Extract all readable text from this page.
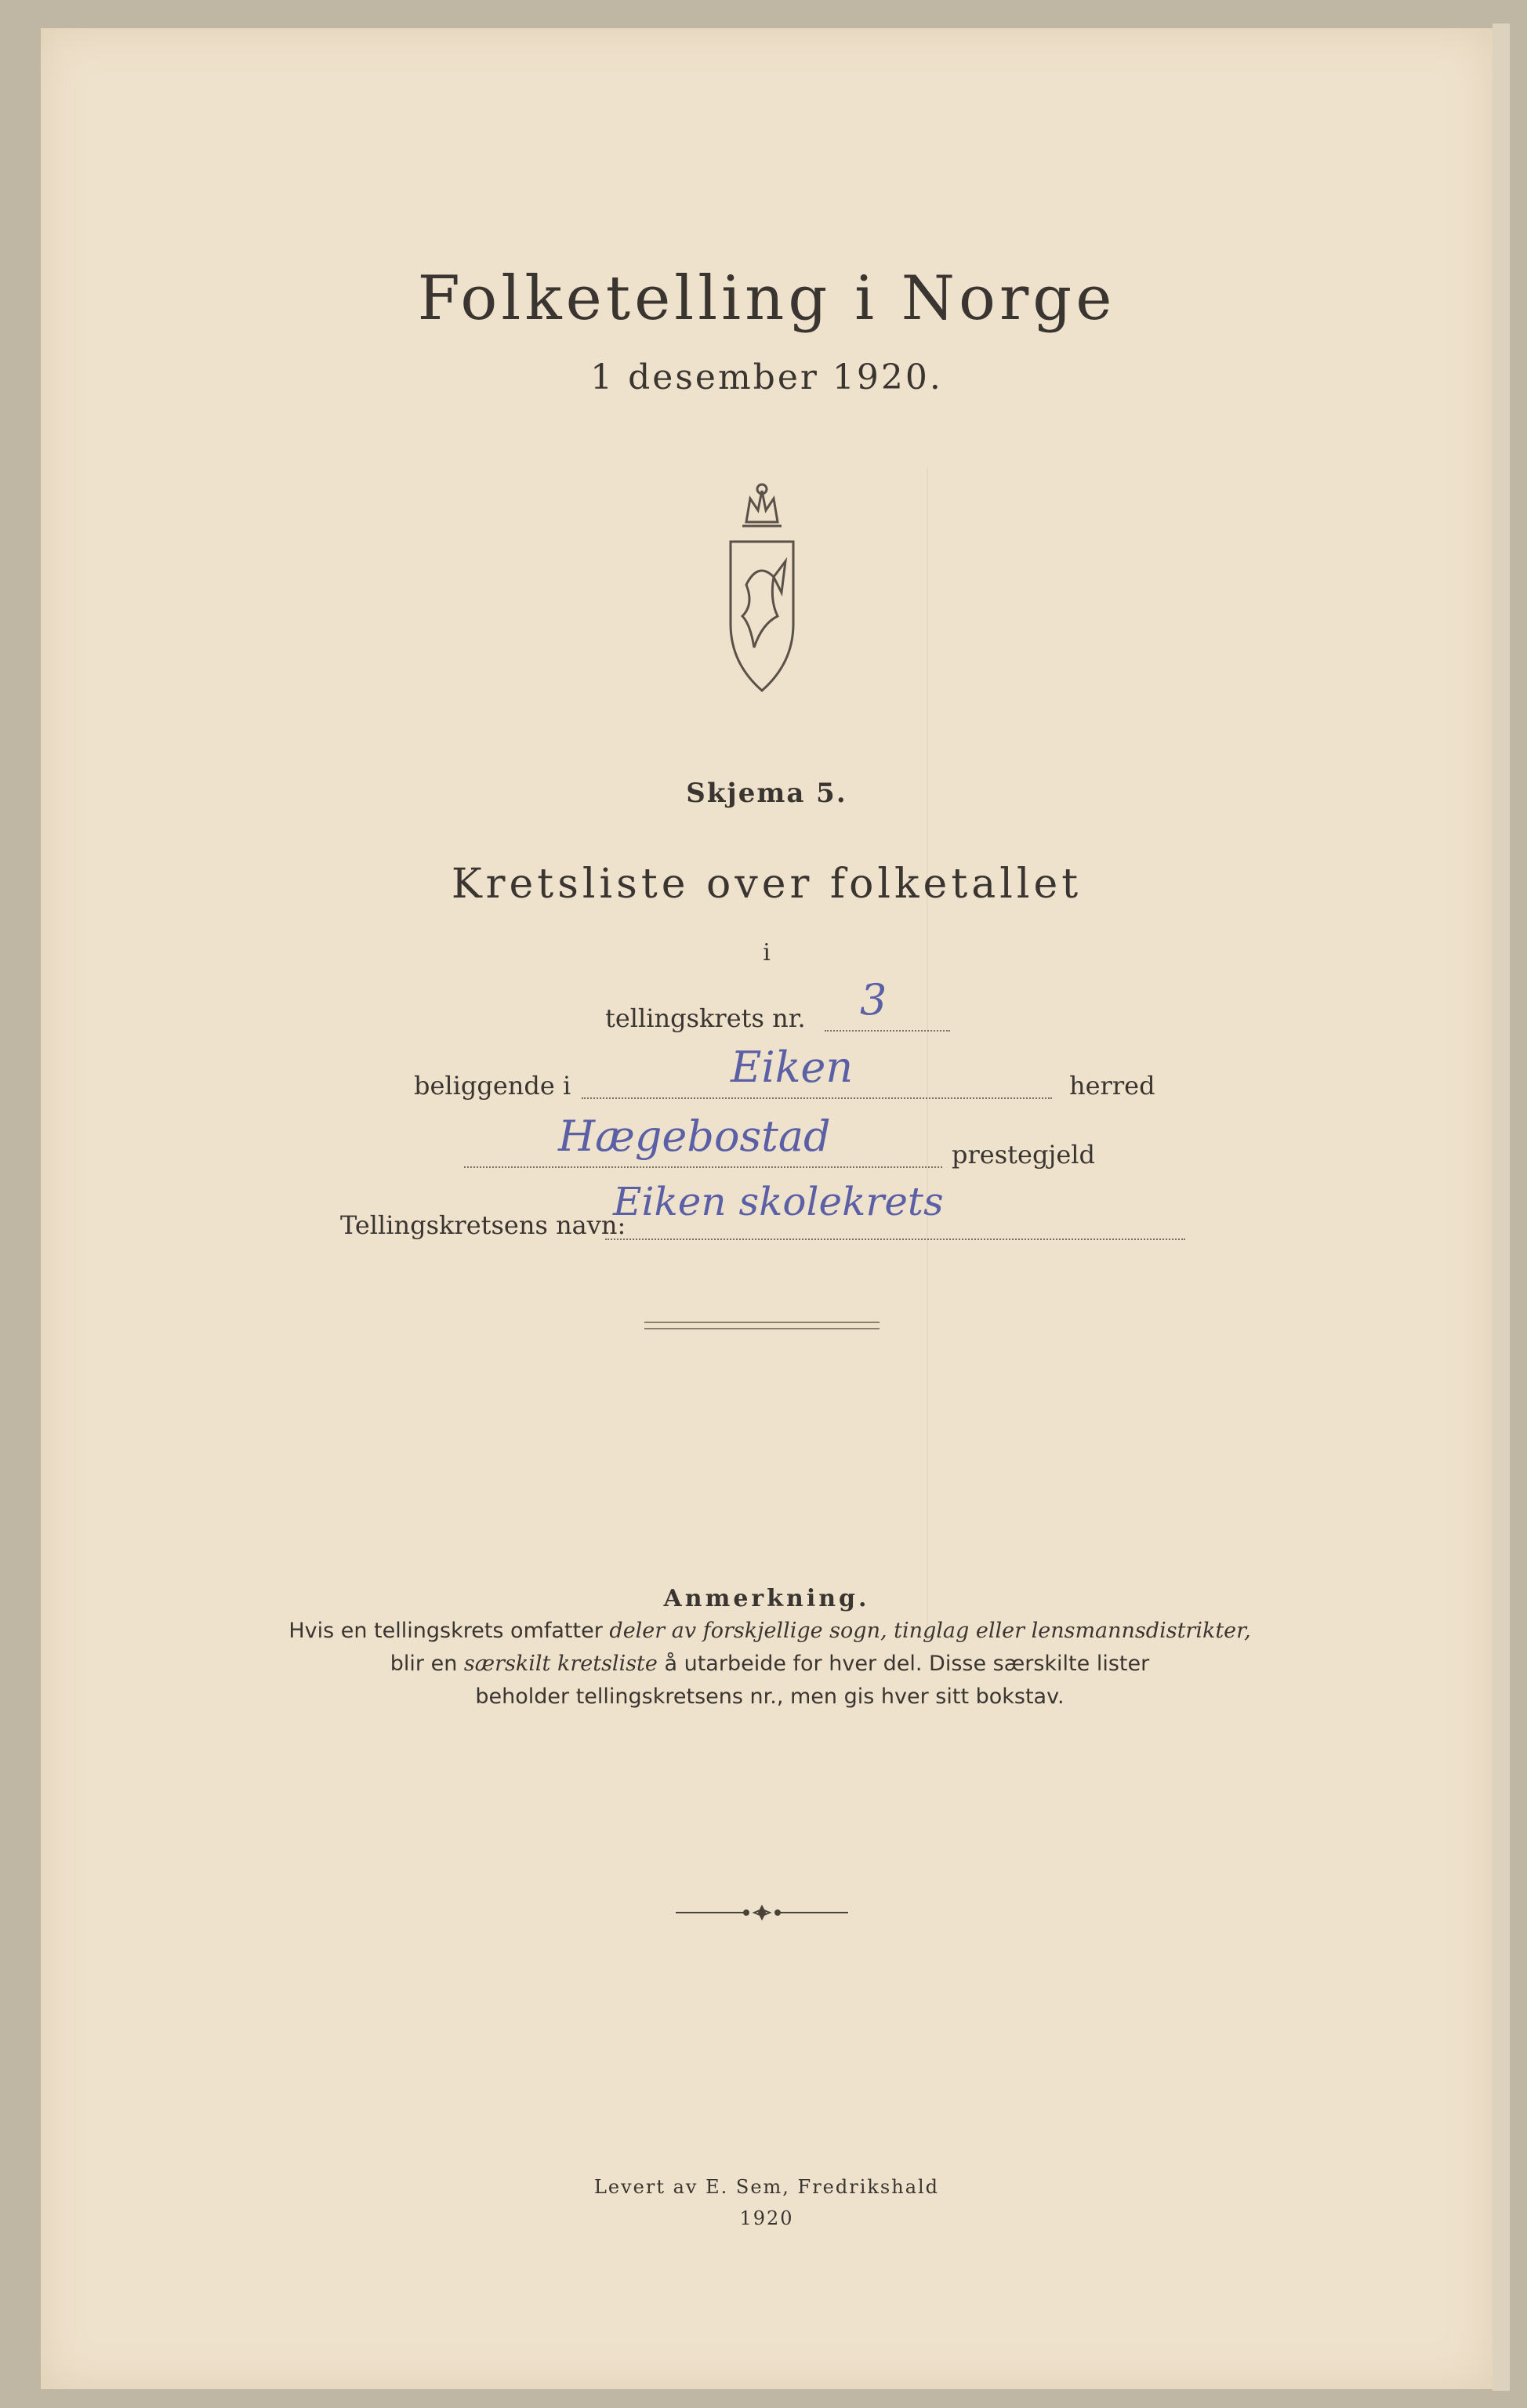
Folketelling i Norge
1 desember 1920.
Skjema 5.
Kretsliste over folketallet
i
tellingskrets nr. 3
beliggende i	Eiken	herred
Hægebostad	prestegjeld
Tellingskretsens navn:
Eiken skolekrets
Anmerkning.
Hvis en tellingskrets omfatter deler av forskjellige sogn, tinglag eller lensmannsdistrikter,
blir en særskilt kretsliste å utarbeide for hver del. Disse særskilte lister
beholder tellingskretsens nr., men gis hver sitt bokstav.
Levert av E. Sem, Fredrikshald
1920
